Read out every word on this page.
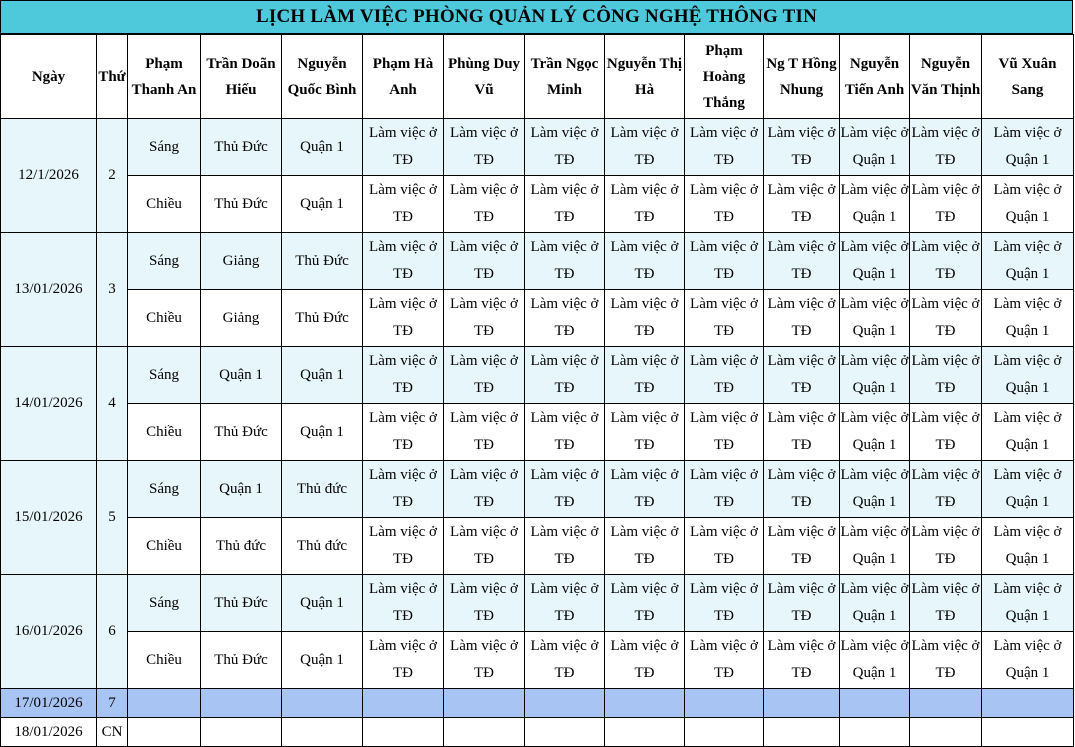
LỊCH LÀM VIỆC PHÒNG QUẢN LÝ CÔNG NGHỆ THÔNG TIN
Ngày	Thứ	Phạm Thanh An	Trần Doãn Hiếu	Nguyễn Quốc Bình	Phạm Hà Anh	Phùng Duy Vũ	Trần Ngọc Minh	Nguyễn Thị Hà	Phạm Hoàng Thắng	Ng T Hồng Nhung	Nguyễn Tiến Anh	Nguyễn Văn Thịnh	Vũ Xuân Sang
12/1/2026	2	Sáng	Thủ Đức	Quận 1	Làm việc ở TĐ	Làm việc ở TĐ	Làm việc ở TĐ	Làm việc ở TĐ	Làm việc ở TĐ	Làm việc ở TĐ	Làm việc ở Quận 1	Làm việc ở TĐ	Làm việc ở Quận 1
		Chiều	Thủ Đức	Quận 1	Làm việc ở TĐ	Làm việc ở TĐ	Làm việc ở TĐ	Làm việc ở TĐ	Làm việc ở TĐ	Làm việc ở TĐ	Làm việc ở Quận 1	Làm việc ở TĐ	Làm việc ở Quận 1
13/01/2026	3	Sáng	Giảng	Thủ Đức	Làm việc ở TĐ	Làm việc ở TĐ	Làm việc ở TĐ	Làm việc ở TĐ	Làm việc ở TĐ	Làm việc ở TĐ	Làm việc ở Quận 1	Làm việc ở TĐ	Làm việc ở Quận 1
		Chiều	Giảng	Thủ Đức	Làm việc ở TĐ	Làm việc ở TĐ	Làm việc ở TĐ	Làm việc ở TĐ	Làm việc ở TĐ	Làm việc ở TĐ	Làm việc ở Quận 1	Làm việc ở TĐ	Làm việc ở Quận 1
14/01/2026	4	Sáng	Quận 1	Quận 1	Làm việc ở TĐ	Làm việc ở TĐ	Làm việc ở TĐ	Làm việc ở TĐ	Làm việc ở TĐ	Làm việc ở TĐ	Làm việc ở Quận 1	Làm việc ở TĐ	Làm việc ở Quận 1
		Chiều	Thủ Đức	Quận 1	Làm việc ở TĐ	Làm việc ở TĐ	Làm việc ở TĐ	Làm việc ở TĐ	Làm việc ở TĐ	Làm việc ở TĐ	Làm việc ở Quận 1	Làm việc ở TĐ	Làm việc ở Quận 1
15/01/2026	5	Sáng	Quận 1	Thủ đức	Làm việc ở TĐ	Làm việc ở TĐ	Làm việc ở TĐ	Làm việc ở TĐ	Làm việc ở TĐ	Làm việc ở TĐ	Làm việc ở Quận 1	Làm việc ở TĐ	Làm việc ở Quận 1
		Chiều	Thủ đức	Thủ đức	Làm việc ở TĐ	Làm việc ở TĐ	Làm việc ở TĐ	Làm việc ở TĐ	Làm việc ở TĐ	Làm việc ở TĐ	Làm việc ở Quận 1	Làm việc ở TĐ	Làm việc ở Quận 1
16/01/2026	6	Sáng	Thủ Đức	Quận 1	Làm việc ở TĐ	Làm việc ở TĐ	Làm việc ở TĐ	Làm việc ở TĐ	Làm việc ở TĐ	Làm việc ở TĐ	Làm việc ở Quận 1	Làm việc ở TĐ	Làm việc ở Quận 1
		Chiều	Thủ Đức	Quận 1	Làm việc ở TĐ	Làm việc ở TĐ	Làm việc ở TĐ	Làm việc ở TĐ	Làm việc ở TĐ	Làm việc ở TĐ	Làm việc ở Quận 1	Làm việc ở TĐ	Làm việc ở Quận 1
17/01/2026	7												
18/01/2026	CN												
